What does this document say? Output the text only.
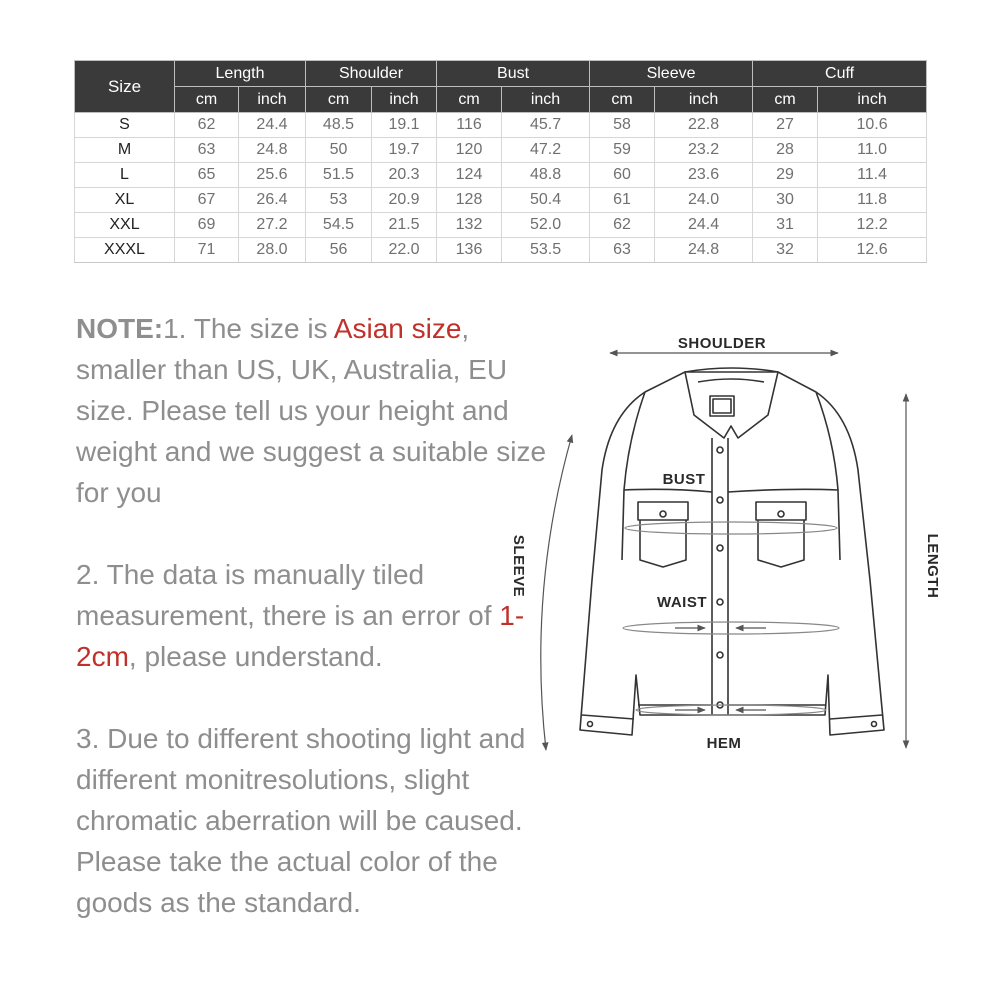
Size	Length		Shoulder		Bust		Sleeve		Cuff	
	cm	inch	cm	inch	cm	inch	cm	inch	cm	inch
S	62	24.4	48.5	19.1	116	45.7	58	22.8	27	10.6
M	63	24.8	50	19.7	120	47.2	59	23.2	28	11.0
L	65	25.6	51.5	20.3	124	48.8	60	23.6	29	11.4
XL	67	26.4	53	20.9	128	50.4	61	24.0	30	11.8
XXL	69	27.2	54.5	21.5	132	52.0	62	24.4	31	12.2
XXXL	71	28.0	56	22.0	136	53.5	63	24.8	32	12.6

NOTE:1. The size is Asian size, smaller than US, UK, Australia, EU size. Please tell us your height and weight and we suggest a suitable size for you

2. The data is manually tiled measurement, there is an error of 1-2cm, please understand.

3. Due to different shooting light and different monitresolutions, slight chromatic aberration will be caused. Please take the actual color of the goods as the standard.

SHOULDER
BUST
WAIST
HEM
SLEEVE	LENGTH
